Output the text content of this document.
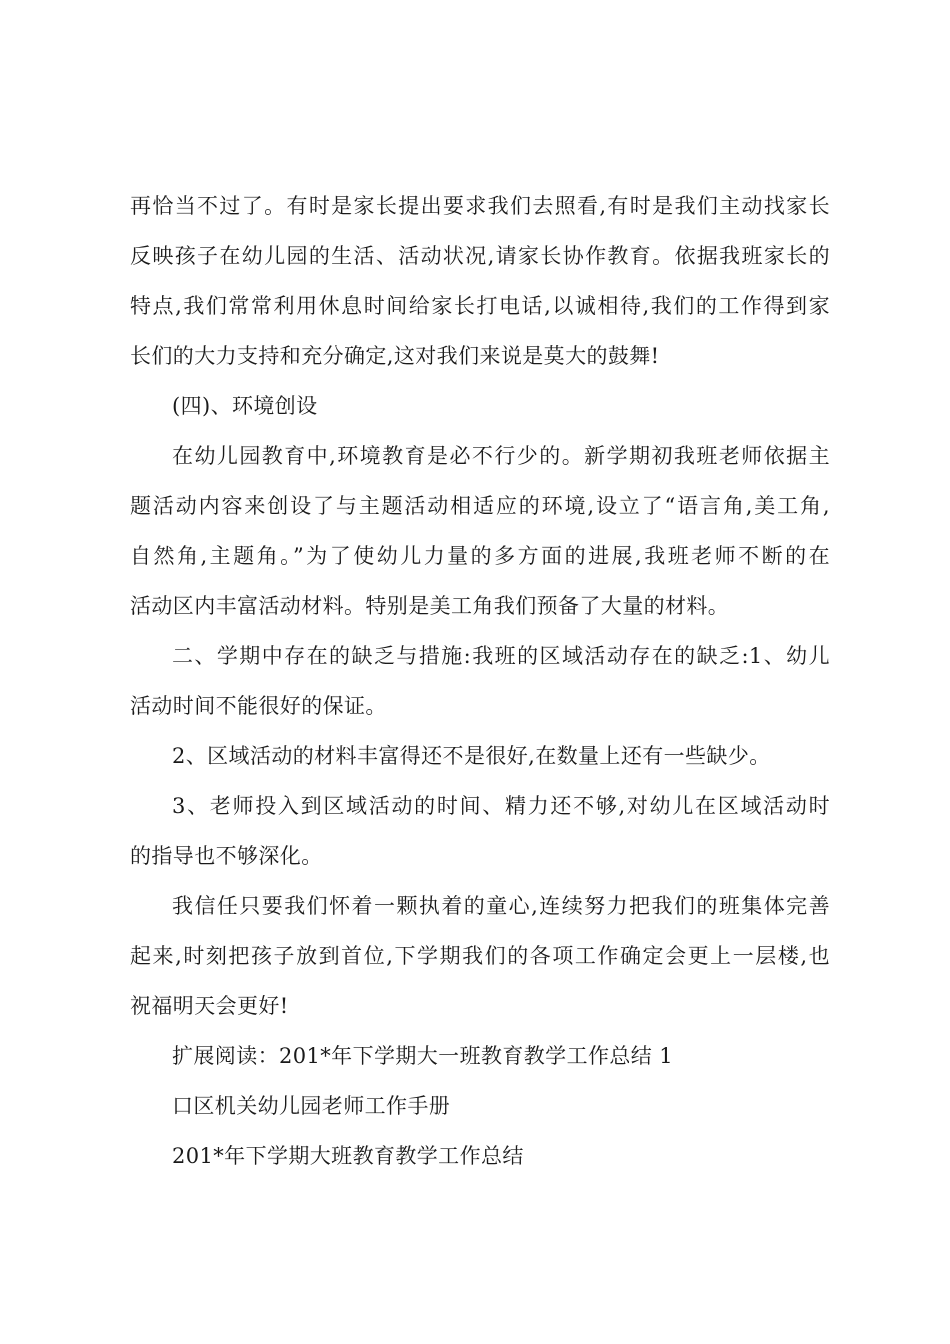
再恰当不过了。有时是家长提出要求我们去照看,有时是我们主动找家长
反映孩子在幼儿园的生活、活动状况,请家长协作教育。依据我班家长的
特点,我们常常利用休息时间给家长打电话,以诚相待,我们的工作得到家
长们的大力支持和充分确定,这对我们来说是莫大的鼓舞!
(四)、环境创设
在幼儿园教育中,环境教育是必不行少的。新学期初我班老师依据主
题活动内容来创设了与主题活动相适应的环境,设立了“语言角,美工角,
自然角,主题角。”为了使幼儿力量的多方面的进展,我班老师不断的在
活动区内丰富活动材料。特别是美工角我们预备了大量的材料。
二、学期中存在的缺乏与措施:我班的区域活动存在的缺乏:1、幼儿
活动时间不能很好的保证。
2、区域活动的材料丰富得还不是很好,在数量上还有一些缺少。
3、老师投入到区域活动的时间、精力还不够,对幼儿在区域活动时
的指导也不够深化。
我信任只要我们怀着一颗执着的童心,连续努力把我们的班集体完善
起来,时刻把孩子放到首位,下学期我们的各项工作确定会更上一层楼,也
祝福明天会更好!
扩展阅读：201*年下学期大一班教育教学工作总结 1
口区机关幼儿园老师工作手册
201*年下学期大班教育教学工作总结
